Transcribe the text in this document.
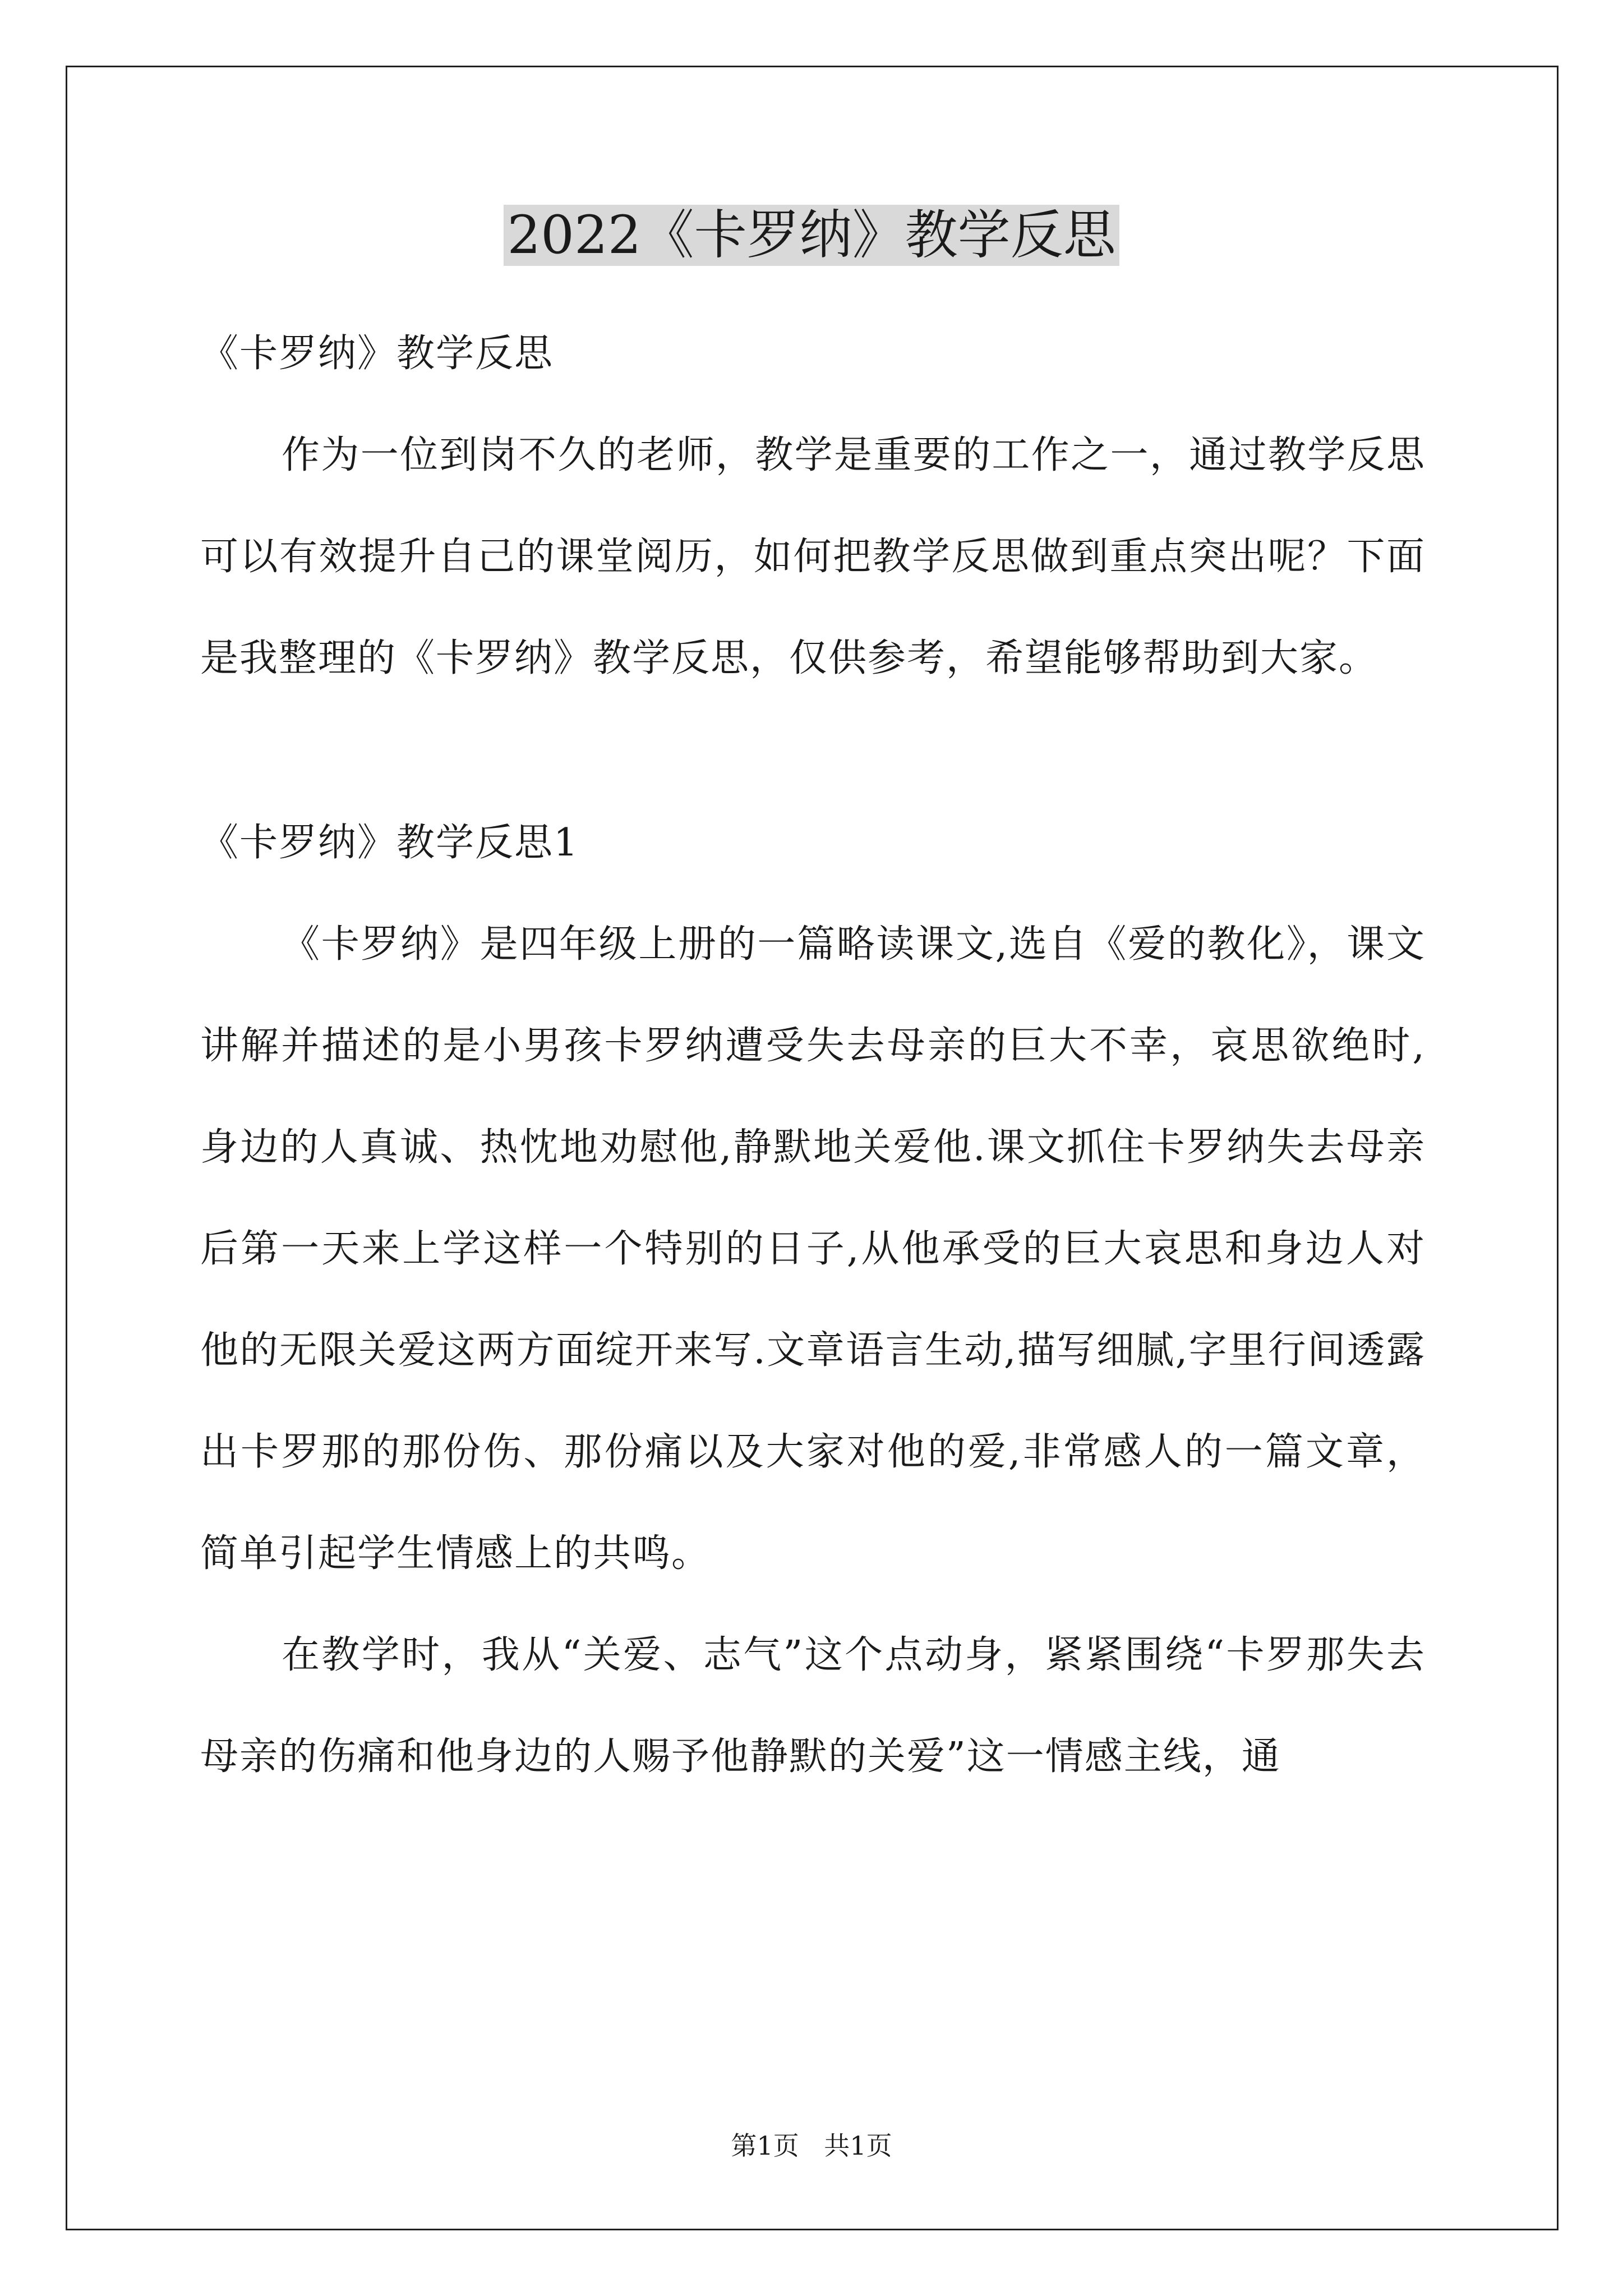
2022《卡罗纳》教学反思

《卡罗纳》教学反思

作为一位到岗不久的老师，教学是重要的工作之一，通过教学反思可以有效提升自己的课堂阅历，如何把教学反思做到重点突出呢？下面是我整理的《卡罗纳》教学反思，仅供参考，希望能够帮助到大家。

《卡罗纳》教学反思1

《卡罗纳》是四年级上册的一篇略读课文,选自《爱的教化》，课文讲解并描述的是小男孩卡罗纳遭受失去母亲的巨大不幸，哀思欲绝时,身边的人真诚、热忱地劝慰他,静默地关爱他.课文抓住卡罗纳失去母亲后第一天来上学这样一个特别的日子,从他承受的巨大哀思和身边人对他的无限关爱这两方面绽开来写.文章语言生动,描写细腻,字里行间透露出卡罗那的那份伤、那份痛以及大家对他的爱,非常感人的一篇文章，简单引起学生情感上的共鸣。

在教学时，我从“关爱、志气”这个点动身，紧紧围绕“卡罗那失去母亲的伤痛和他身边的人赐予他静默的关爱”这一情感主线，通

第1页 共1页
